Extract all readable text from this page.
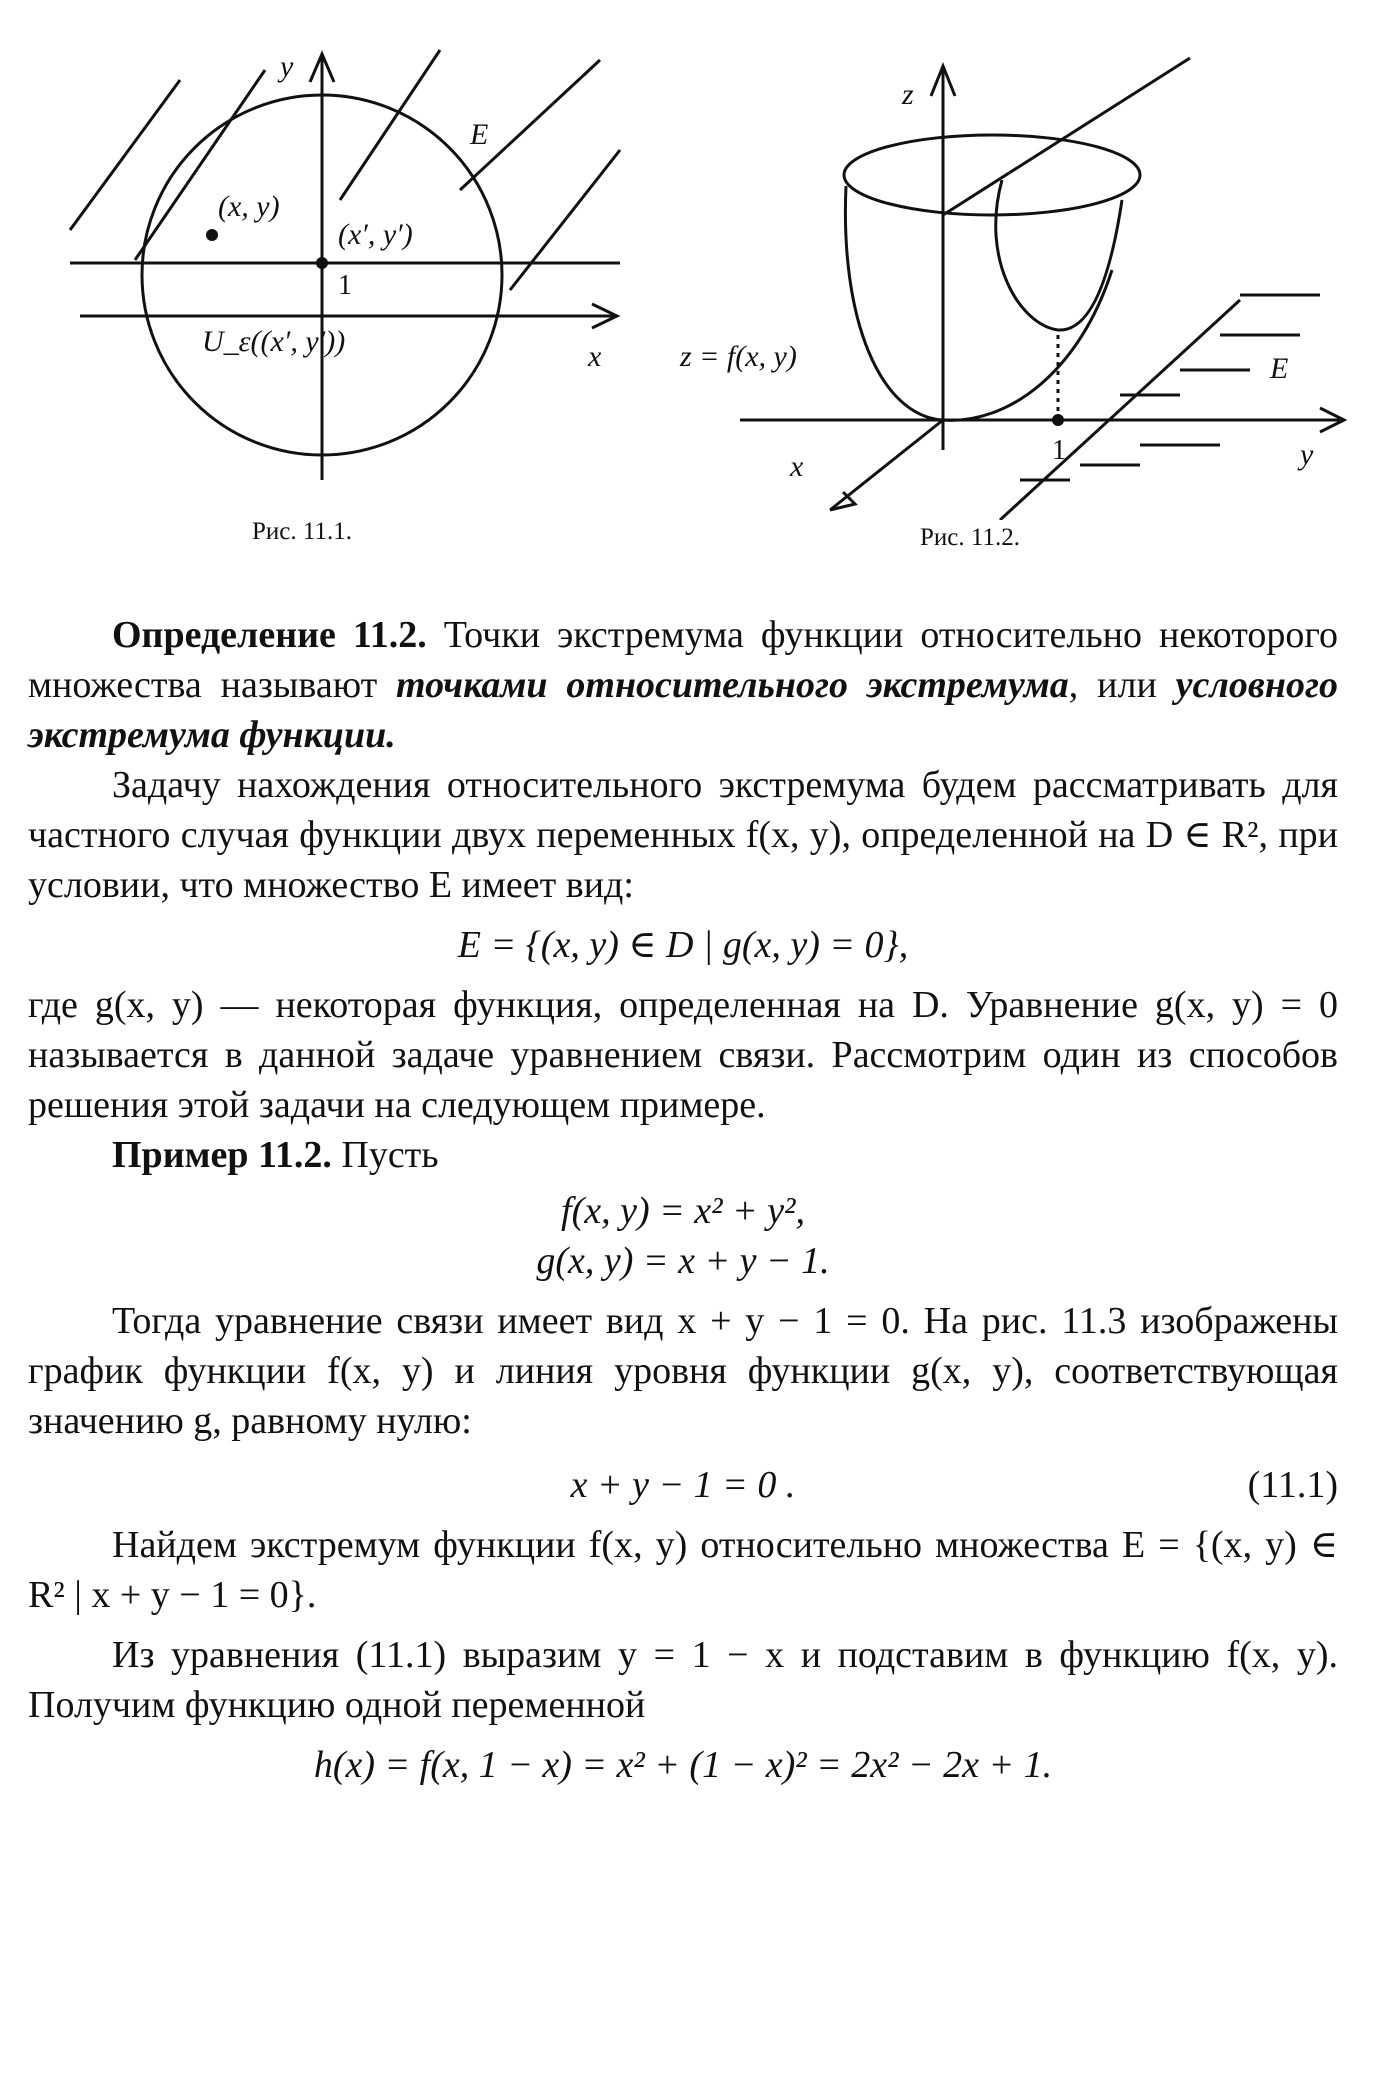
y
x
E
(x, y)
(x′, y′)
1
U_ε((x′, y′))
Рис. 11.1.
z
y
x
E
1
z = f(x, y)
Рис. 11.2.

Определение 11.2. Точки экстремума функции относительно некоторого множества называют точками относительного экстремума, или условного экстремума функции.

Задачу нахождения относительного экстремума будем рассматривать для частного случая функции двух переменных f(x, y), определенной на D ∈ R², при условии, что множество E имеет вид:

E = {(x, y) ∈ D | g(x, y) = 0},

где g(x, y) — некоторая функция, определенная на D. Уравнение g(x, y) = 0 называется в данной задаче уравнением связи. Рассмотрим один из способов решения этой задачи на следующем примере.

Пример 11.2. Пусть

f(x, y) = x² + y²,

g(x, y) = x + y − 1.

Тогда уравнение связи имеет вид x + y − 1 = 0. На рис. 11.3 изображены график функции f(x, y) и линия уровня функции g(x, y), соответствующая значению g, равному нулю:

x + y − 1 = 0 .	(11.1)

Найдем экстремум функции f(x, y) относительно множества E = {(x, y) ∈ R² | x + y − 1 = 0}.

Из уравнения (11.1) выразим y = 1 − x и подставим в функцию f(x, y). Получим функцию одной переменной

h(x) = f(x, 1 − x) = x² + (1 − x)² = 2x² − 2x + 1.
